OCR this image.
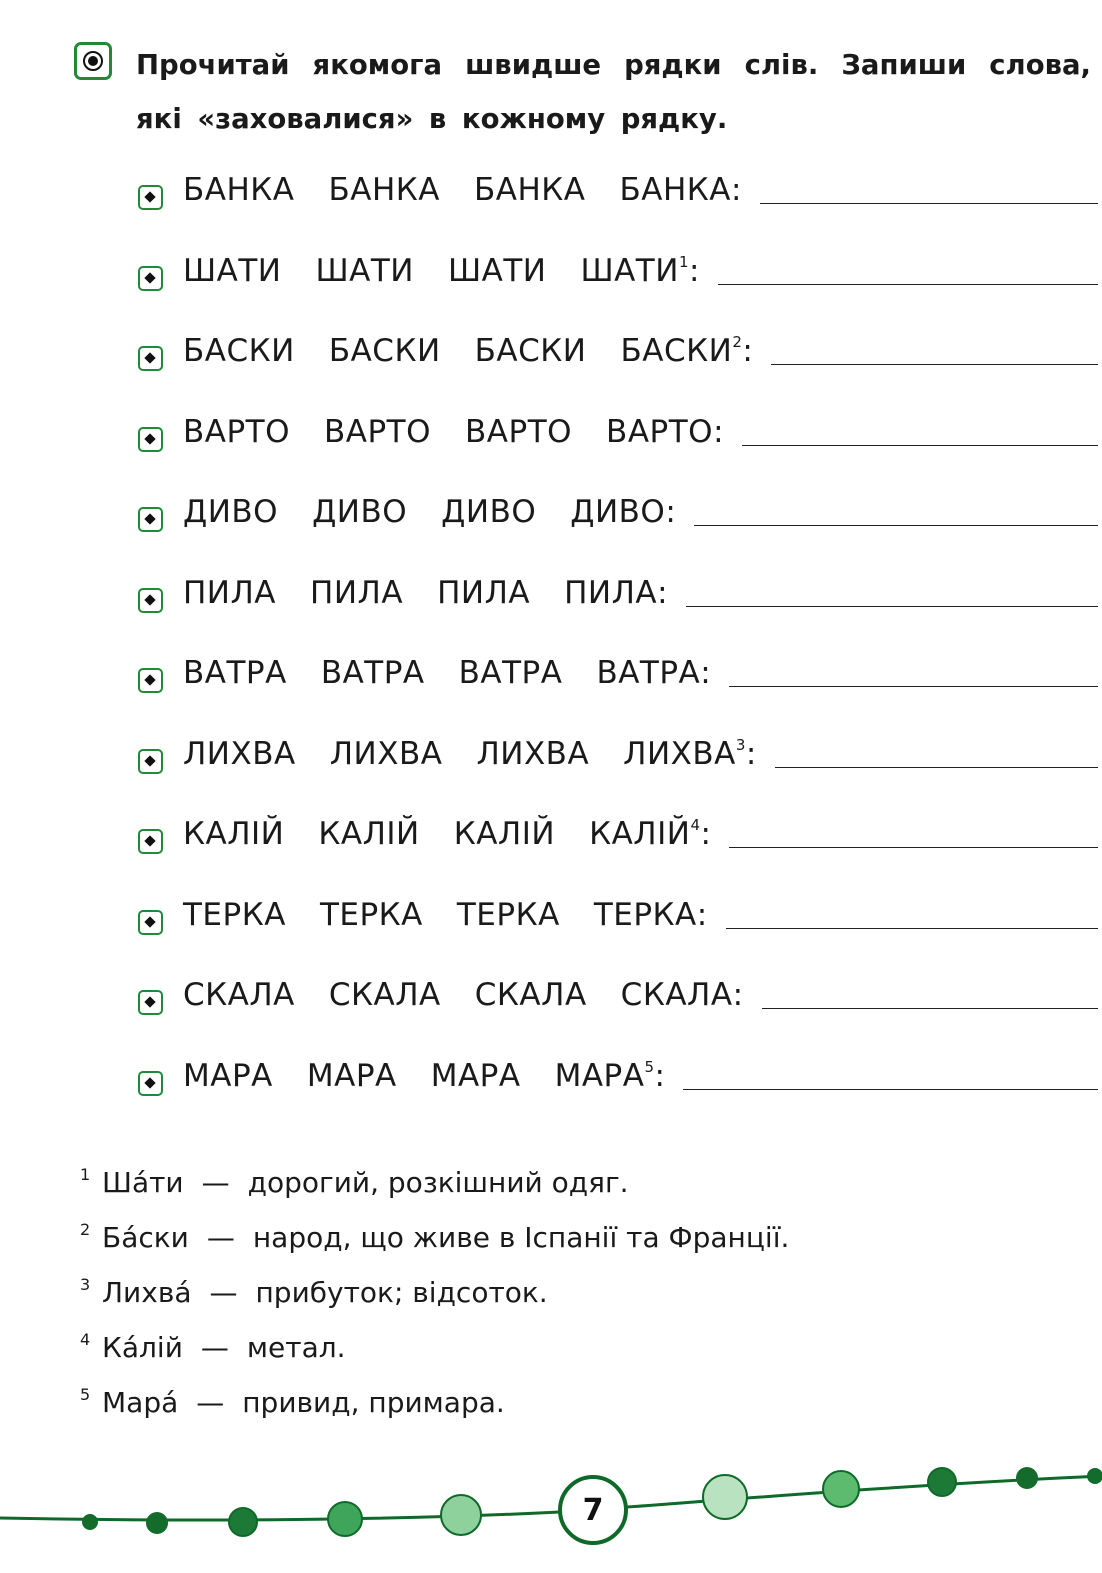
Прочитай якомога швидше рядки слів. Запиши слова, які «заховалися» в кожному рядку.
БАНКА БАНКА БАНКА БАНКА :
ШАТИ ШАТИ ШАТИ ШАТИ$^1$ :
БАСКИ БАСКИ БАСКИ БАСКИ$^2$ :
ВАРТО ВАРТО ВАРТО ВАРТО :
ДИВО ДИВО ДИВО ДИВО :
ПИЛА ПИЛА ПИЛА ПИЛА :
ВАТРА ВАТРА ВАТРА ВАТРА :
ЛИХВА ЛИХВА ЛИХВА ЛИХВА$^3$ :
КАЛІЙ КАЛІЙ КАЛІЙ КАЛІЙ$^4$ :
ТЕРКА ТЕРКА ТЕРКА ТЕРКА :
СКАЛА СКАЛА СКАЛА СКАЛА :
МАРА МАРА МАРА МАРА$^5$ :
1 Ша́ти — дорогий, розкішний одяг.
2 Ба́ски — народ, що живе в Іспанії та Франції.
3 Лихва́ — прибуток; відсоток.
4 Ка́лій — метал.
5 Мара́ — привид, примара.
7
